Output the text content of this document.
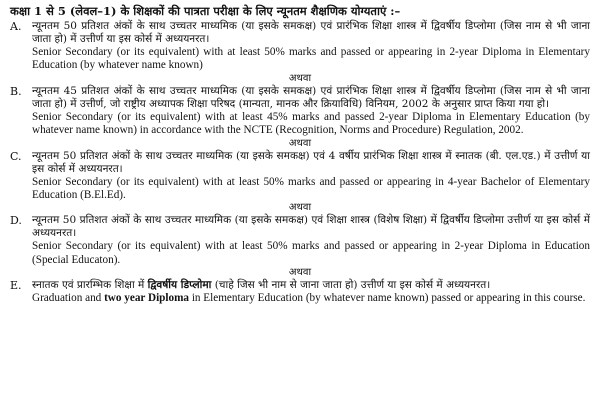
कक्षा 1 से 5 (लेवल–1) के शिक्षकों की पात्रता परीक्षा के लिए न्यूनतम शैक्षणिक योग्यताएं :–
A.	न्यूनतम 50 प्रतिशत अंकों के साथ उच्चतर माध्यमिक (या इसके समकक्ष) एवं प्रारंभिक शिक्षा शास्त्र में द्विवर्षीय डिप्लोमा (जिस नाम से भी जाना जाता हो) में उत्तीर्ण या इस कोर्स में अध्ययनरत।
Senior Secondary (or its equivalent) with at least 50% marks and passed or appearing in 2-year Diploma in Elementary Education (by whatever name known)
अथवा
B. न्यूनतम 45 प्रतिशत अंकों के साथ उच्चतर माध्यमिक (या इसके समकक्ष) एवं प्रारंभिक शिक्षा शास्त्र में द्विवर्षीय डिप्लोमा (जिस नाम से भी जाना जाता हो) में उत्तीर्ण, जो राष्ट्रीय अध्यापक शिक्षा परिषद (मान्यता, मानक और क्रियाविधि) विनियम, 2002 के अनुसार प्राप्त किया गया हो।
Senior Secondary (or its equivalent) with at least 45% marks and passed 2-year Diploma in Elementary Education (by whatever name known) in accordance with the NCTE (Recognition, Norms and Procedure) Regulation, 2002.
अथवा
C. न्यूनतम 50 प्रतिशत अंकों के साथ उच्चतर माध्यमिक (या इसके समकक्ष) एवं 4 वर्षीय प्रारंभिक शिक्षा शास्त्र में स्नातक (बी. एल.एड.) में उत्तीर्ण या इस कोर्स में अध्ययनरत।
Senior Secondary (or its equivalent) with at least 50% marks and passed or appearing in 4-year Bachelor of Elementary Education (B.El.Ed).
अथवा
D. न्यूनतम 50 प्रतिशत अंकों के साथ उच्चतर माध्यमिक (या इसके समकक्ष) एवं शिक्षा शास्त्र (विशेष शिक्षा) में द्विवर्षीय डिप्लोमा उत्तीर्ण या इस कोर्स में अध्ययनरत।
Senior Secondary (or its equivalent) with at least 50% marks and passed or appearing in 2-year Diploma in Education (Special Educaton).
अथवा
E. स्नातक एवं प्रारम्भिक शिक्षा में द्विवर्षीय डिप्लोमा (चाहे जिस भी नाम से जाना जाता हो) उत्तीर्ण या इस कोर्स में अध्ययनरत।
Graduation and two year Diploma in Elementary Education (by whatever name known) passed or appearing in this course.
